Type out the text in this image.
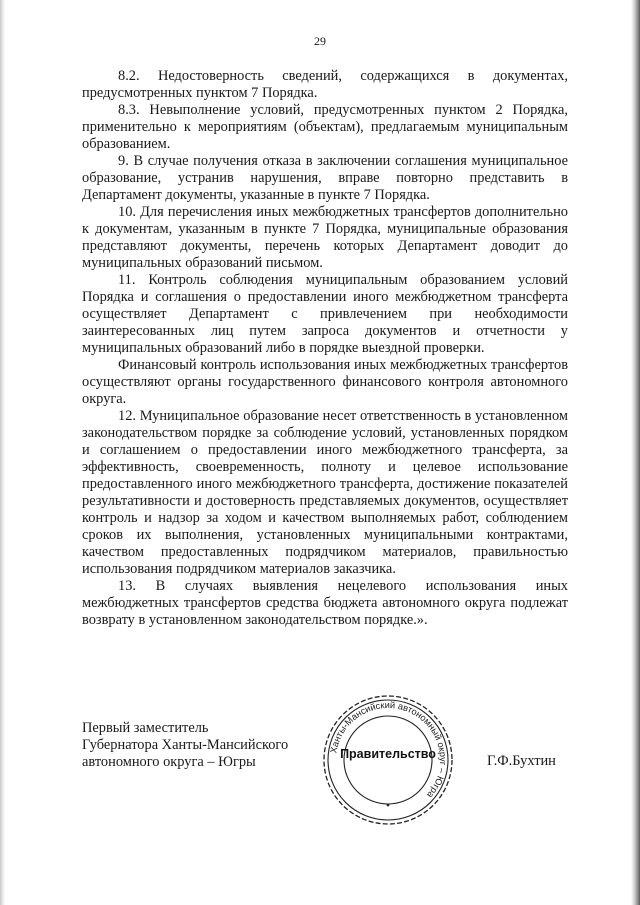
29

8.2. Недостоверность сведений, содержащихся в документах, предусмотренных пунктом 7 Порядка.

8.3. Невыполнение условий, предусмотренных пунктом 2 Порядка, применительно к мероприятиям (объектам), предлагаемым муниципальным образованием.

9. В случае получения отказа в заключении соглашения муниципальное образование, устранив нарушения, вправе повторно представить в Департамент документы, указанные в пункте 7 Порядка.

10. Для перечисления иных межбюджетных трансфертов дополнительно к документам, указанным в пункте 7 Порядка, муниципальные образования представляют документы, перечень которых Департамент доводит до муниципальных образований письмом.

11. Контроль соблюдения муниципальным образованием условий Порядка и соглашения о предоставлении иного межбюджетном трансферта осуществляет Департамент с привлечением при необходимости заинтересованных лиц путем запроса документов и отчетности у муниципальных образований либо в порядке выездной проверки.

Финансовый контроль использования иных межбюджетных трансфертов осуществляют органы государственного финансового контроля автономного округа.

12. Муниципальное образование несет ответственность в установленном законодательством порядке за соблюдение условий, установленных порядком и соглашением о предоставлении иного межбюджетного трансферта, за эффективность, своевременность, полноту и целевое использование предоставленного иного межбюджетного трансферта, достижение показателей результативности и достоверность представляемых документов, осуществляет контроль и надзор за ходом и качеством выполняемых работ, соблюдением сроков их выполнения, установленных муниципальными контрактами, качеством предоставленных подрядчиком материалов, правильностью использования подрядчиком материалов заказчика.

13. В случаях выявления нецелевого использования иных межбюджетных трансфертов средства бюджета автономного округа подлежат возврату в установленном законодательством порядке.».

Первый заместитель
Губернатора Ханты-Мансийского
автономного округа – Югры
Ханты-Мансийский автономный округ – Югра
Правительство	Г.Ф.Бухтин
